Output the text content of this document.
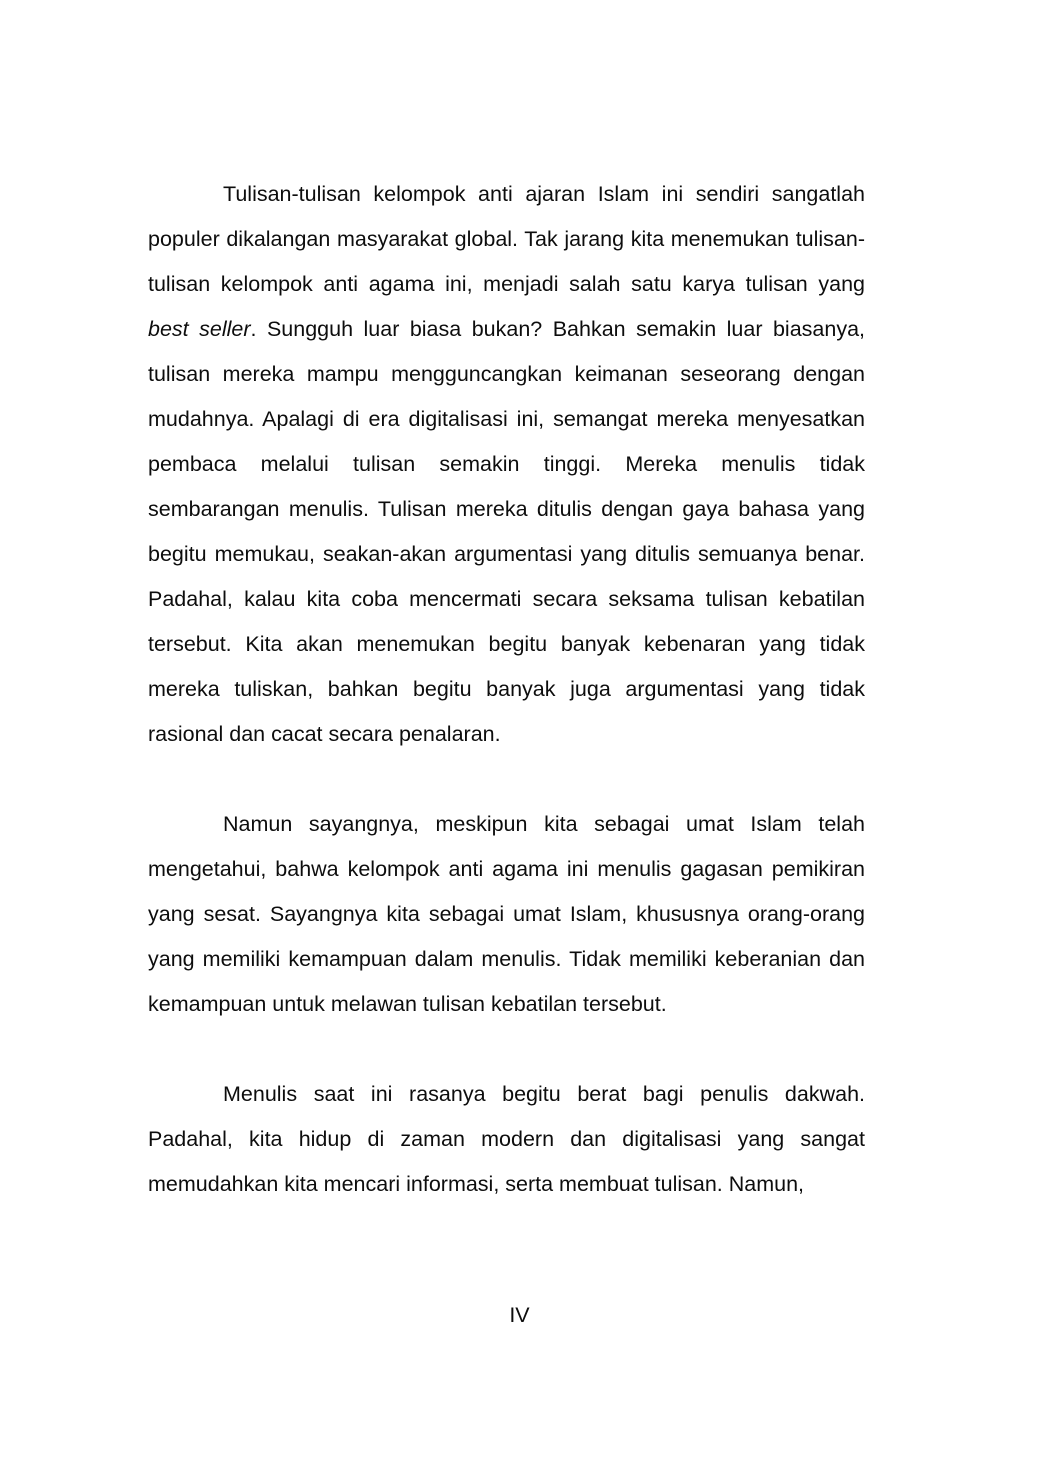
Tulisan-tulisan kelompok anti ajaran Islam ini sendiri sangatlah populer dikalangan masyarakat global. Tak jarang kita menemukan tulisan-tulisan kelompok anti agama ini, menjadi salah satu karya tulisan yang best seller. Sungguh luar biasa bukan? Bahkan semakin luar biasanya, tulisan mereka mampu mengguncangkan keimanan seseorang dengan mudahnya. Apalagi di era digitalisasi ini, semangat mereka menyesatkan pembaca melalui tulisan semakin tinggi. Mereka menulis tidak sembarangan menulis. Tulisan mereka ditulis dengan gaya bahasa yang begitu memukau, seakan-akan argumentasi yang ditulis semuanya benar. Padahal, kalau kita coba mencermati secara seksama tulisan kebatilan tersebut. Kita akan menemukan begitu banyak kebenaran yang tidak mereka tuliskan, bahkan begitu banyak juga argumentasi yang tidak rasional dan cacat secara penalaran.

Namun sayangnya, meskipun kita sebagai umat Islam telah mengetahui, bahwa kelompok anti agama ini menulis gagasan pemikiran yang sesat. Sayangnya kita sebagai umat Islam, khususnya orang-orang yang memiliki kemampuan dalam menulis. Tidak memiliki keberanian dan kemampuan untuk melawan tulisan kebatilan tersebut.

Menulis saat ini rasanya begitu berat bagi penulis dakwah. Padahal, kita hidup di zaman modern dan digitalisasi yang sangat memudahkan kita mencari informasi, serta membuat tulisan. Namun,

IV
